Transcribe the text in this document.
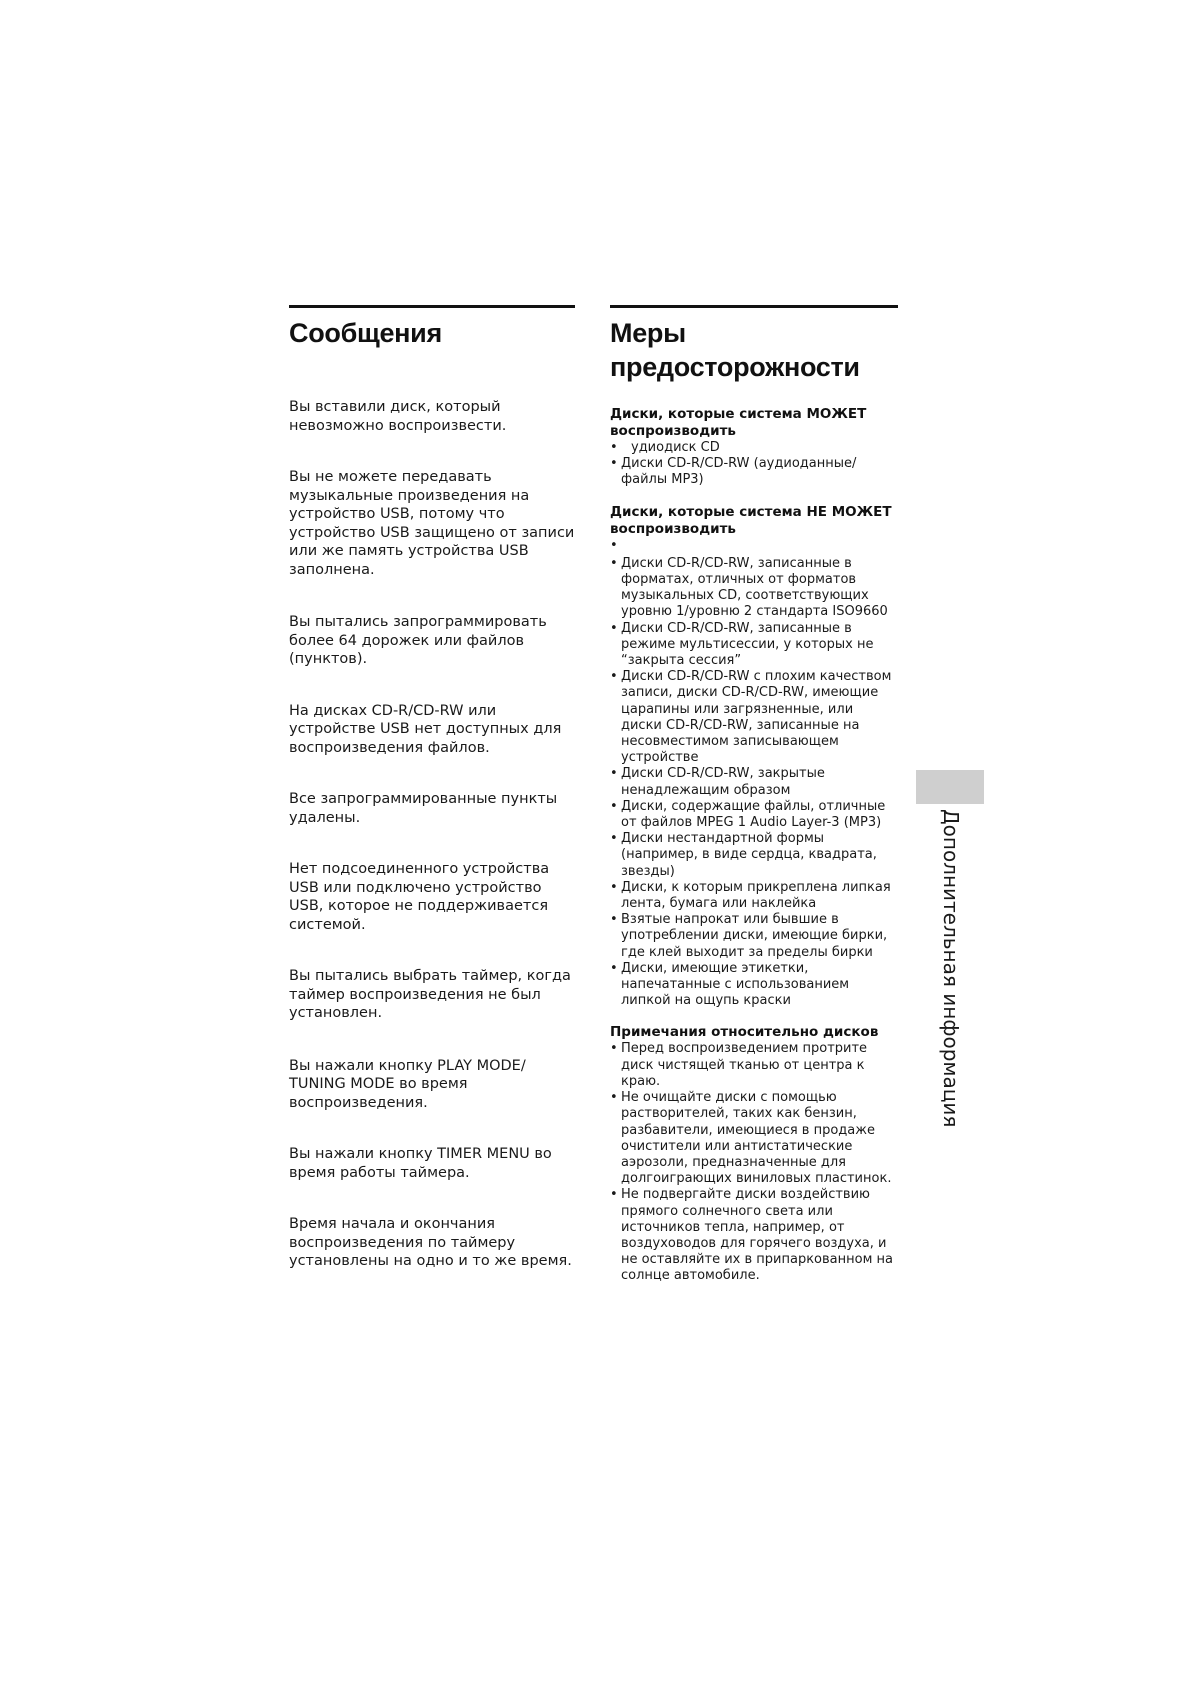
Сообщения

Вы вставили диск, который невозможно воспроизвести.

Вы не можете передавать музыкальные произведения на устройство USB, потому что устройство USB защищено от записи или же память устройства USB заполнена.

Вы пытались запрограммировать более 64 дорожек или файлов (пунктов).

На дисках CD-R/CD-RW или устройстве USB нет доступных для воспроизведения файлов.

Все запрограммированные пункты удалены.

Нет подсоединенного устройства USB или подключено устройство USB, которое не поддерживается системой.

Вы пытались выбрать таймер, когда таймер воспроизведения не был установлен.

Вы нажали кнопку PLAY MODE/ TUNING MODE во время воспроизведения.

Вы нажали кнопку TIMER MENU во время работы таймера.

Время начала и окончания воспроизведения по таймеру установлены на одно и то же время.

Меры
предосторожности

Диски, которые система МОЖЕТ воспроизводить

• удиодиск CD
• Диски CD-R/CD-RW (аудиоданные/ файлы MP3)

Диски, которые система НЕ МОЖЕТ воспроизводить

•
• Диски CD-R/CD-RW, записанные в форматах, отличных от форматов музыкальных CD, соответствующих уровню 1/уровню 2 стандарта ISO9660
• Диски CD-R/CD-RW, записанные в режиме мультисессии, у которых не “закрыта сессия”
• Диски CD-R/CD-RW с плохим качеством записи, диски CD-R/CD-RW, имеющие царапины или загрязненные, или диски CD-R/CD-RW, записанные на несовместимом записывающем устройстве
• Диски CD-R/CD-RW, закрытые ненадлежащим образом
• Диски, содержащие файлы, отличные от файлов MPEG 1 Audio Layer-3 (MP3)
• Диски нестандартной формы (например, в виде сердца, квадрата, звезды)
• Диски, к которым прикреплена липкая лента, бумага или наклейка
• Взятые напрокат или бывшие в употреблении диски, имеющие бирки, где клей выходит за пределы бирки
• Диски, имеющие этикетки, напечатанные с использованием липкой на ощупь краски

Примечания относительно дисков

• Перед воспроизведением протрите диск чистящей тканью от центра к краю.
• Не очищайте диски с помощью растворителей, таких как бензин, разбавители, имеющиеся в продаже очистители или антистатические аэрозоли, предназначенные для долгоиграющих виниловых пластинок.
• Не подвергайте диски воздействию прямого солнечного света или источников тепла, например, от воздуховодов для горячего воздуха, и не оставляйте их в припаркованном на солнце автомобиле.
Дополнительная информация
